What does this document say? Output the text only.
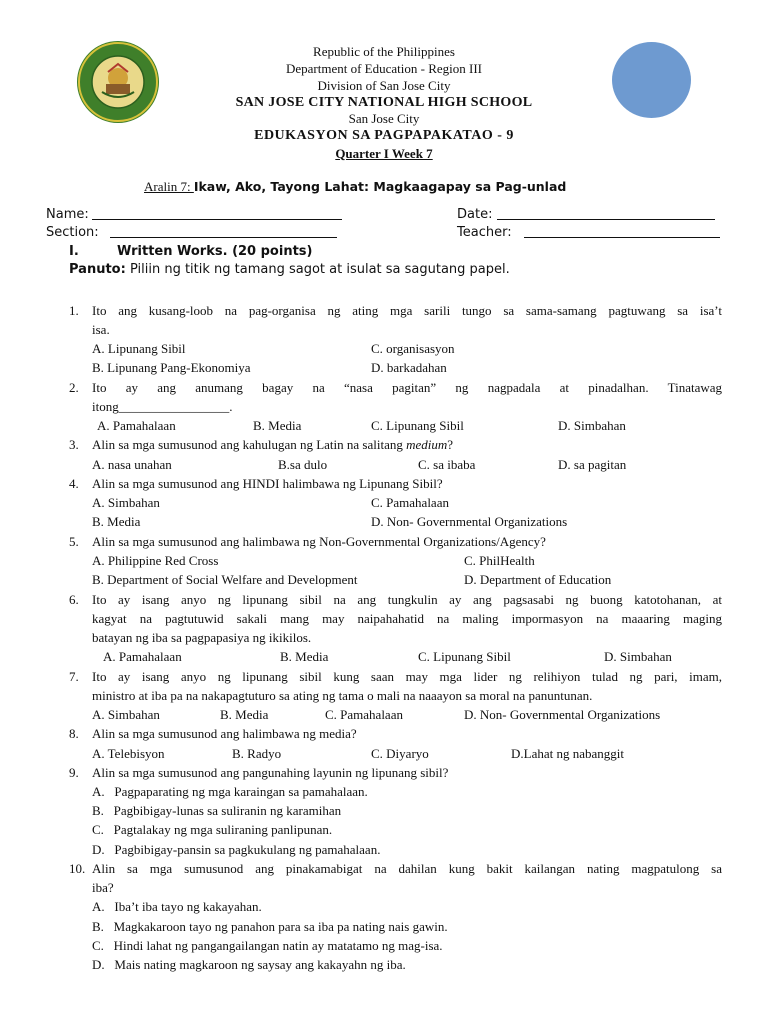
Republic of the Philippines
Department of Education - Region III
Division of San Jose City
SAN JOSE CITY NATIONAL HIGH SCHOOL
San Jose City
EDUKASYON SA PAGPAPAKATAO - 9
Quarter I Week 7
Aralin 7: Ikaw, Ako, Tayong Lahat: Magkaagapay sa Pag-unlad
Name:	Date:
Section:	Teacher:
I.	Written Works. (20 points)
Panuto: Piliin ng titik ng tamang sagot at isulat sa sagutang papel.
1. Ito ang kusang-loob na pag-organisa ng ating mga sarili tungo sa sama-samang pagtuwang sa isa’t
isa.
A. Lipunang Sibil	C. organisasyon
B. Lipunang Pang-Ekonomiya	D. barkadahan
2. Ito ay ang anumang bagay na “nasa pagitan” ng nagpadala at pinadalhan. Tinatawag
itong_________________.
A. Pamahalaan	B. Media	C. Lipunang Sibil	D. Simbahan
3. Alin sa mga sumusunod ang kahulugan ng Latin na salitang medium?
A. nasa unahan	B.sa dulo	C. sa ibaba	D. sa pagitan
4. Alin sa mga sumusunod ang HINDI halimbawa ng Lipunang Sibil?
A. Simbahan	C. Pamahalaan
B. Media	D. Non- Governmental Organizations
5. Alin sa mga sumusunod ang halimbawa ng Non-Governmental Organizations/Agency?
A. Philippine Red Cross	C. PhilHealth
B. Department of Social Welfare and Development	D. Department of Education
6. Ito ay isang anyo ng lipunang sibil na ang tungkulin ay ang pagsasabi ng buong katotohanan, at
kagyat na pagtutuwid sakali mang may naipahahatid na maling impormasyon na maaaring maging
batayan ng iba sa pagpapasiya ng ikikilos.
A. Pamahalaan	B. Media	C. Lipunang Sibil	D. Simbahan
7. Ito ay isang anyo ng lipunang sibil kung saan may mga lider ng relihiyon tulad ng pari, imam,
ministro at iba pa na nakapagtuturo sa ating ng tama o mali na naaayon sa moral na panuntunan.
A. Simbahan	B. Media	C. Pamahalaan	D. Non- Governmental Organizations
8. Alin sa mga sumusunod ang halimbawa ng media?
A. Telebisyon	B. Radyo	C. Diyaryo	D.Lahat ng nabanggit
9. Alin sa mga sumusunod ang pangunahing layunin ng lipunang sibil?
A.   Pagpaparating ng mga karaingan sa pamahalaan.
B.   Pagbibigay-lunas sa suliranin ng karamihan
C.   Pagtalakay ng mga suliraning panlipunan.
D.   Pagbibigay-pansin sa pagkukulang ng pamahalaan.
10. Alin sa mga sumusunod ang pinakamabigat na dahilan kung bakit kailangan nating magpatulong sa
iba?
A.   Iba’t iba tayo ng kakayahan.
B.   Magkakaroon tayo ng panahon para sa iba pa nating nais gawin.
C.   Hindi lahat ng pangangailangan natin ay matatamo ng mag-isa.
D.   Mais nating magkaroon ng saysay ang kakayahn ng iba.
